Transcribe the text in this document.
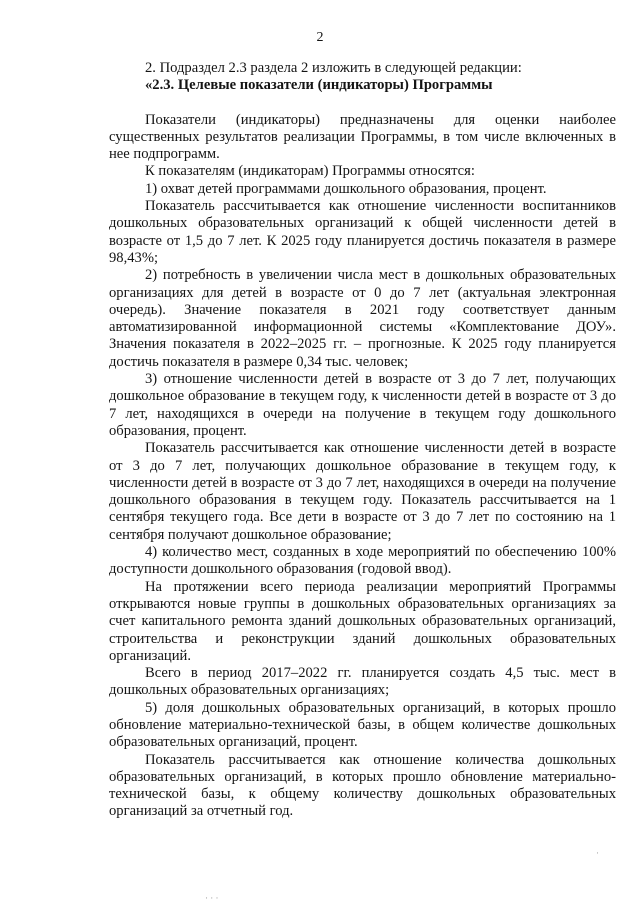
2

2. Подраздел 2.3 раздела 2 изложить в следующей редакции:

«2.3. Целевые показатели (индикаторы) Программы

Показатели (индикаторы) предназначены для оценки наиболее существенных результатов реализации Программы, в том числе включенных в нее подпрограмм.

К показателям (индикаторам) Программы относятся:

1) охват детей программами дошкольного образования, процент.

Показатель рассчитывается как отношение численности воспитанников дошкольных образовательных организаций к общей численности детей в возрасте от 1,5 до 7 лет. К 2025 году планируется достичь показателя в размере 98,43%;

2) потребность в увеличении числа мест в дошкольных образовательных организациях для детей в возрасте от 0 до 7 лет (актуальная электронная очередь). Значение показателя в 2021 году соответствует данным автоматизированной информационной системы «Комплектование ДОУ». Значения показателя в 2022–2025 гг. – прогнозные. К 2025 году планируется достичь показателя в размере 0,34 тыс. человек;

3) отношение численности детей в возрасте от 3 до 7 лет, получающих дошкольное образование в текущем году, к численности детей в возрасте от 3 до 7 лет, находящихся в очереди на получение в текущем году дошкольного образования, процент.

Показатель рассчитывается как отношение численности детей в возрасте от 3 до 7 лет, получающих дошкольное образование в текущем году, к численности детей в возрасте от 3 до 7 лет, находящихся в очереди на получение дошкольного образования в текущем году. Показатель рассчитывается на 1 сентября текущего года. Все дети в возрасте от 3 до 7 лет по состоянию на 1 сентября получают дошкольное образование;

4) количество мест, созданных в ходе мероприятий по обеспечению 100% доступности дошкольного образования (годовой ввод).

На протяжении всего периода реализации мероприятий Программы открываются новые группы в дошкольных образовательных организациях за счет капитального ремонта зданий дошкольных образовательных организаций, строительства и реконструкции зданий дошкольных образовательных организаций.

Всего в период 2017–2022 гг. планируется создать 4,5 тыс. мест в дошкольных образовательных организациях;

5) доля дошкольных образовательных организаций, в которых прошло обновление материально-технической базы, в общем количестве дошкольных образовательных организаций, процент.

Показатель рассчитывается как отношение количества дошкольных образовательных организаций, в которых прошло обновление материально-технической базы, к общему количеству дошкольных образовательных организаций за отчетный год.

·
· · ·
